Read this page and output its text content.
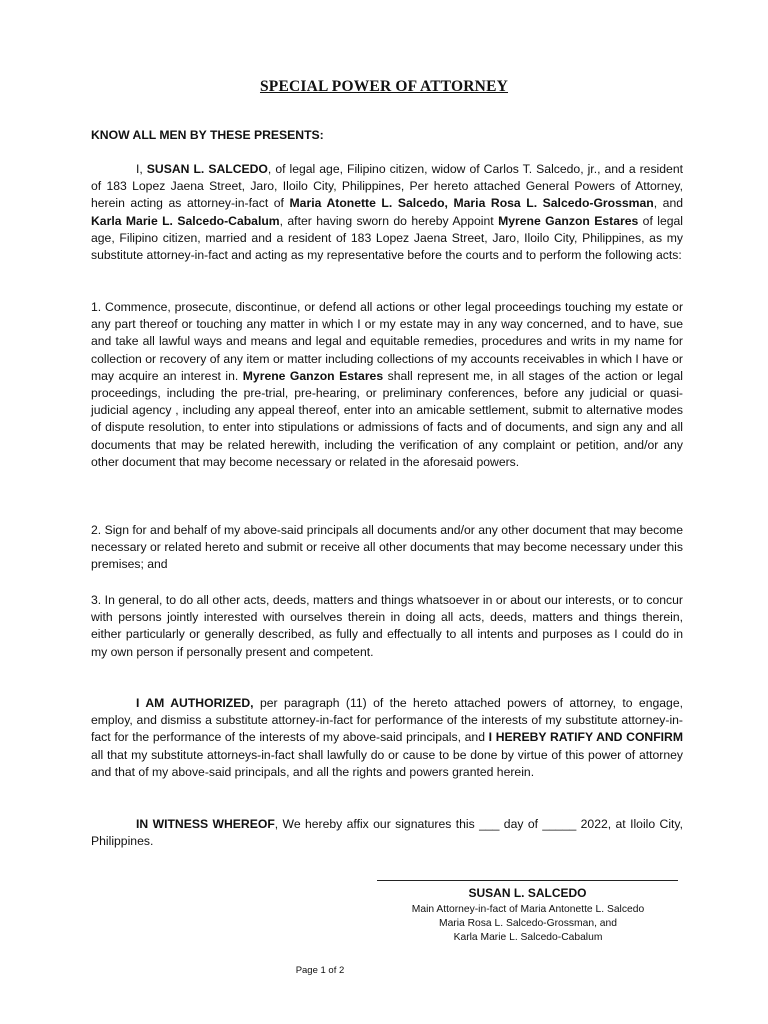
SPECIAL POWER OF ATTORNEY
KNOW ALL MEN BY THESE PRESENTS:

I, SUSAN L. SALCEDO, of legal age, Filipino citizen, widow of Carlos T. Salcedo, jr., and a resident of 183 Lopez Jaena Street, Jaro, Iloilo City, Philippines, Per hereto attached General Powers of Attorney, herein acting as attorney-in-fact of Maria Atonette L. Salcedo, Maria Rosa L. Salcedo-Grossman, and Karla Marie L. Salcedo-Cabalum, after having sworn do hereby Appoint Myrene Ganzon Estares of legal age, Filipino citizen, married and a resident of 183 Lopez Jaena Street, Jaro, Iloilo City, Philippines, as my substitute attorney-in-fact and acting as my representative before the courts and to perform the following acts:

1. Commence, prosecute, discontinue, or defend all actions or other legal proceedings touching my estate or any part thereof or touching any matter in which I or my estate may in any way concerned, and to have, sue and take all lawful ways and means and legal and equitable remedies, procedures and writs in my name for collection or recovery of any item or matter including collections of my accounts receivables in which I have or may acquire an interest in. Myrene Ganzon Estares shall represent me, in all stages of the action or legal proceedings, including the pre-trial, pre-hearing, or preliminary conferences, before any judicial or quasi-judicial agency , including any appeal thereof, enter into an amicable settlement, submit to alternative modes of dispute resolution, to enter into stipulations or admissions of facts and of documents, and sign any and all documents that may be related herewith, including the verification of any complaint or petition, and/or any other document that may become necessary or related in the aforesaid powers.

2. Sign for and behalf of my above-said principals all documents and/or any other document that may become necessary or related hereto and submit or receive all other documents that may become necessary under this premises; and

3. In general, to do all other acts, deeds, matters and things whatsoever in or about our interests, or to concur with persons jointly interested with ourselves therein in doing all acts, deeds, matters and things therein, either particularly or generally described, as fully and effectually to all intents and purposes as I could do in my own person if personally present and competent.

I AM AUTHORIZED, per paragraph (11) of the hereto attached powers of attorney, to engage, employ, and dismiss a substitute attorney-in-fact for performance of the interests of my substitute attorney-in-fact for the performance of the interests of my above-said principals, and I HEREBY RATIFY AND CONFIRM all that my substitute attorneys-in-fact shall lawfully do or cause to be done by virtue of this power of attorney and that of my above-said principals, and all the rights and powers granted herein.

IN WITNESS WHEREOF, We hereby affix our signatures this ___ day of _____ 2022, at Iloilo City, Philippines.

SUSAN L. SALCEDO
Main Attorney-in-fact of Maria Antonette L. Salcedo
Maria Rosa L. Salcedo-Grossman, and
Karla Marie L. Salcedo-Cabalum
Page 1 of 2
